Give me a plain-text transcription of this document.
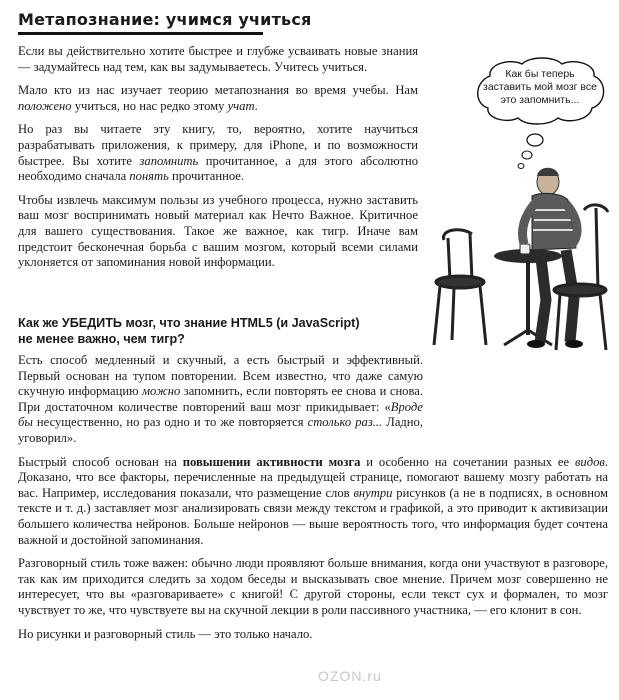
Метапознание: учимся учиться

Если вы действительно хотите быстрее и глубже усваивать новые знания — задумайтесь над тем, как вы задумываетесь. Учитесь учиться.

Мало кто из нас изучает теорию метапознания во время учебы. Нам положено учиться, но нас редко этому учат.

Но раз вы читаете эту книгу, то, вероятно, хотите научиться разрабатывать приложения, к примеру, для iPhone, и по возможности быстрее. Вы хотите запомнить прочитанное, а для этого абсолютно необходимо сначала понять прочитанное.

Чтобы извлечь максимум пользы из учебного процесса, нужно заставить ваш мозг воспринимать новый материал как Нечто Важное. Критичное для вашего существования. Такое же важное, как тигр. Иначе вам предстоит бесконечная борьба с вашим мозгом, который всеми силами уклоняется от запоминания новой информации.

Как бы теперь заставить мой мозг все это запомнить...
Как же УБЕДИТЬ мозг, что знание HTML5 (и JavaScript) не менее важно, чем тигр?

Есть способ медленный и скучный, а есть быстрый и эффективный. Первый основан на тупом повторении. Всем известно, что даже самую скучную информацию можно запомнить, если повторять ее снова и снова. При достаточном количестве повторений ваш мозг прикидывает: «Вроде бы несущественно, но раз одно и то же повторяется столько раз... Ладно, уговорил».

Быстрый способ основан на повышении активности мозга и особенно на сочетании разных ее видов. Доказано, что все факторы, перечисленные на предыдущей странице, помогают вашему мозгу работать на вас. Например, исследования показали, что размещение слов внутри рисунков (а не в подписях, в основном тексте и т. д.) заставляет мозг анализировать связи между текстом и графикой, а это приводит к активизации большего количества нейронов. Больше нейронов — выше вероятность того, что информация будет сочтена важной и достойной запоминания.

Разговорный стиль тоже важен: обычно люди проявляют больше внимания, когда они участвуют в разговоре, так как им приходится следить за ходом беседы и высказывать свое мнение. Причем мозг совершенно не интересует, что вы «разговариваете» с книгой! С другой стороны, если текст сух и формален, то мозг чувствует то же, что чувствуете вы на скучной лекции в роли пассивного участника, — его клонит в сон.

Но рисунки и разговорный стиль — это только начало.

OZON.ru
